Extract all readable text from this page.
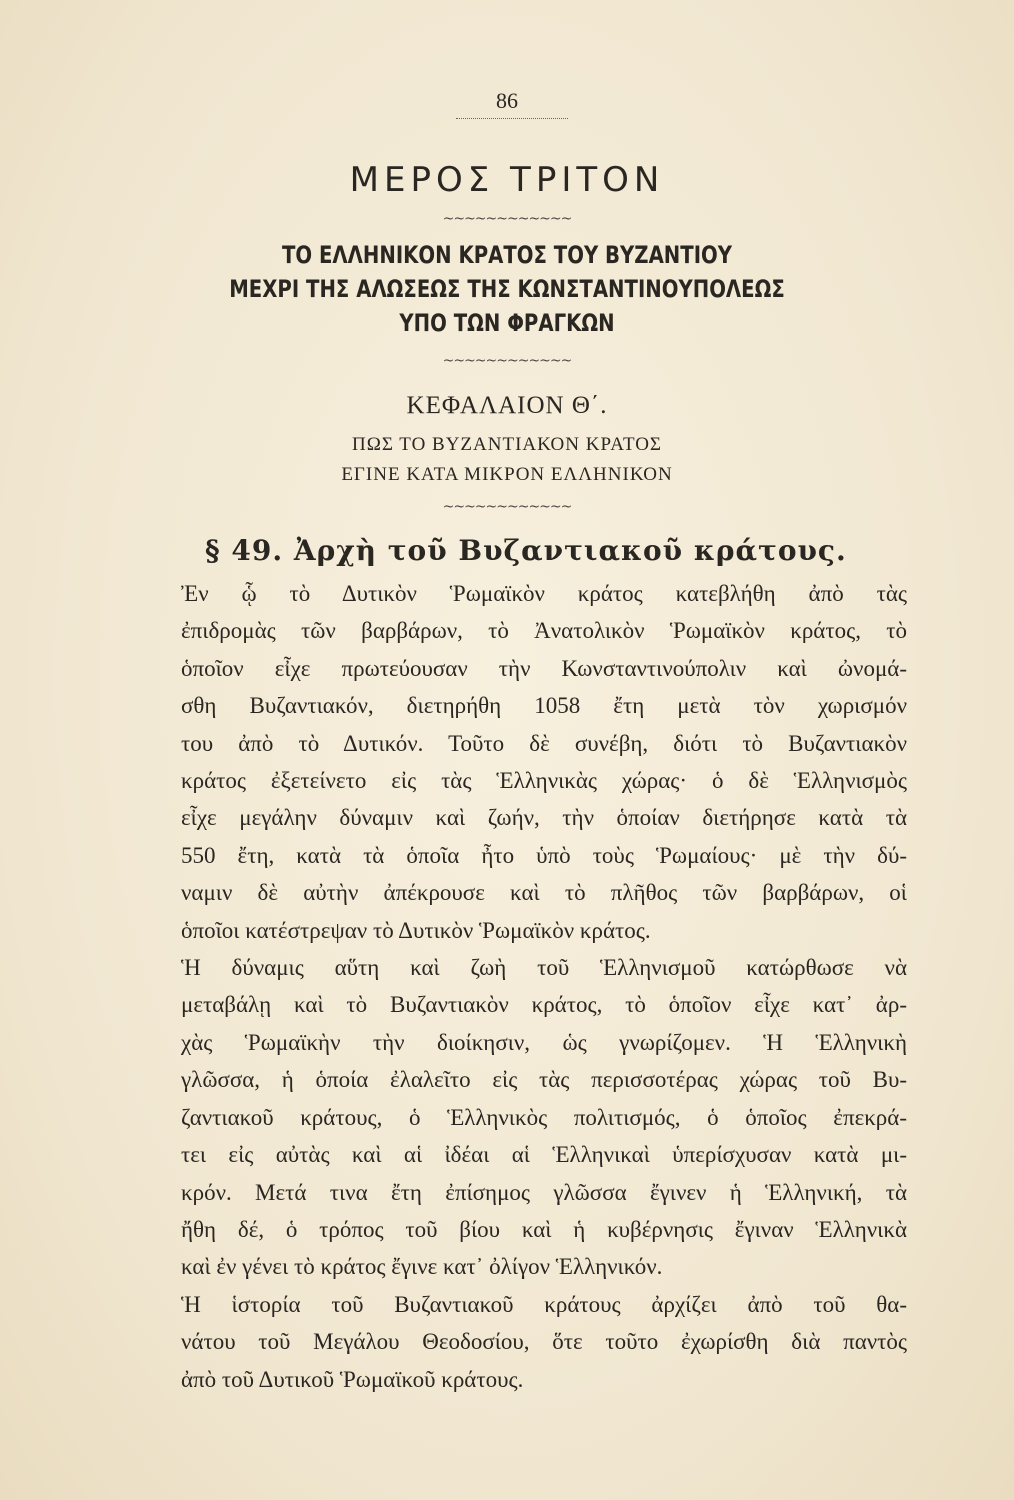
86
ΜΕΡΟΣ ΤΡΙΤΟΝ
~~~~~~~~~~~~
ΤΟ ΕΛΛΗΝΙΚΟΝ ΚΡΑΤΟΣ ΤΟΥ ΒΥΖΑΝΤΙΟΥ
ΜΕΧΡΙ ΤΗΣ ΑΛΩΣΕΩΣ ΤΗΣ ΚΩΝΣΤΑΝΤΙΝΟΥΠΟΛΕΩΣ
ΥΠΟ ΤΩΝ ΦΡΑΓΚΩΝ
~~~~~~~~~~~~
ΚΕΦΑΛΑΙΟΝ Θ΄.
ΠΩΣ ΤΟ ΒΥΖΑΝΤΙΑΚΟΝ ΚΡΑΤΟΣ
ΕΓΙΝΕ ΚΑΤΑ ΜΙΚΡΟΝ ΕΛΛΗΝΙΚΟΝ
~~~~~~~~~~~~
§ 49. Ἀρχὴ τοῦ Βυζαντιακοῦ κράτους.
Ἐν ᾧ τὸ Δυτικὸν Ῥωμαϊκὸν κράτος κατεβλήθη ἀπὸ τὰς
ἐπιδρομὰς τῶν βαρβάρων, τὸ Ἀνατολικὸν Ῥωμαϊκὸν κράτος, τὸ
ὁποῖον εἶχε πρωτεύουσαν τὴν Κωνσταντινούπολιν καὶ ὠνομά-
σθη Βυζαντιακόν, διετηρήθη 1058 ἔτη μετὰ τὸν χωρισμόν
του ἀπὸ τὸ Δυτικόν. Τοῦτο δὲ συνέβη, διότι τὸ Βυζαντιακὸν
κράτος ἐξετείνετο εἰς τὰς Ἑλληνικὰς χώρας· ὁ δὲ Ἑλληνισμὸς
εἶχε μεγάλην δύναμιν καὶ ζωήν, τὴν ὁποίαν διετήρησε κατὰ τὰ
550 ἔτη, κατὰ τὰ ὁποῖα ἦτο ὑπὸ τοὺς Ῥωμαίους· μὲ τὴν δύ-
ναμιν δὲ αὐτὴν ἀπέκρουσε καὶ τὸ πλῆθος τῶν βαρβάρων, οἱ
ὁποῖοι κατέστρεψαν τὸ Δυτικὸν Ῥωμαϊκὸν κράτος.
Ἡ δύναμις αὕτη καὶ ζωὴ τοῦ Ἑλληνισμοῦ κατώρθωσε νὰ
μεταβάλῃ καὶ τὸ Βυζαντιακὸν κράτος, τὸ ὁποῖον εἶχε κατ᾽ ἀρ-
χὰς Ῥωμαϊκὴν τὴν διοίκησιν, ὡς γνωρίζομεν. Ἡ Ἑλληνικὴ
γλῶσσα, ἡ ὁποία ἐλαλεῖτο εἰς τὰς περισσοτέρας χώρας τοῦ Βυ-
ζαντιακοῦ κράτους, ὁ Ἑλληνικὸς πολιτισμός, ὁ ὁποῖος ἐπεκρά-
τει εἰς αὐτὰς καὶ αἱ ἰδέαι αἱ Ἑλληνικαὶ ὑπερίσχυσαν κατὰ μι-
κρόν. Μετά τινα ἔτη ἐπίσημος γλῶσσα ἔγινεν ἡ Ἑλληνική, τὰ
ἤθη δέ, ὁ τρόπος τοῦ βίου καὶ ἡ κυβέρνησις ἔγιναν Ἑλληνικὰ
καὶ ἐν γένει τὸ κράτος ἔγινε κατ᾽ ὀλίγον Ἑλληνικόν.
Ἡ ἱστορία τοῦ Βυζαντιακοῦ κράτους ἀρχίζει ἀπὸ τοῦ θα-
νάτου τοῦ Μεγάλου Θεοδοσίου, ὅτε τοῦτο ἐχωρίσθη διὰ παντὸς
ἀπὸ τοῦ Δυτικοῦ Ῥωμαϊκοῦ κράτους.
